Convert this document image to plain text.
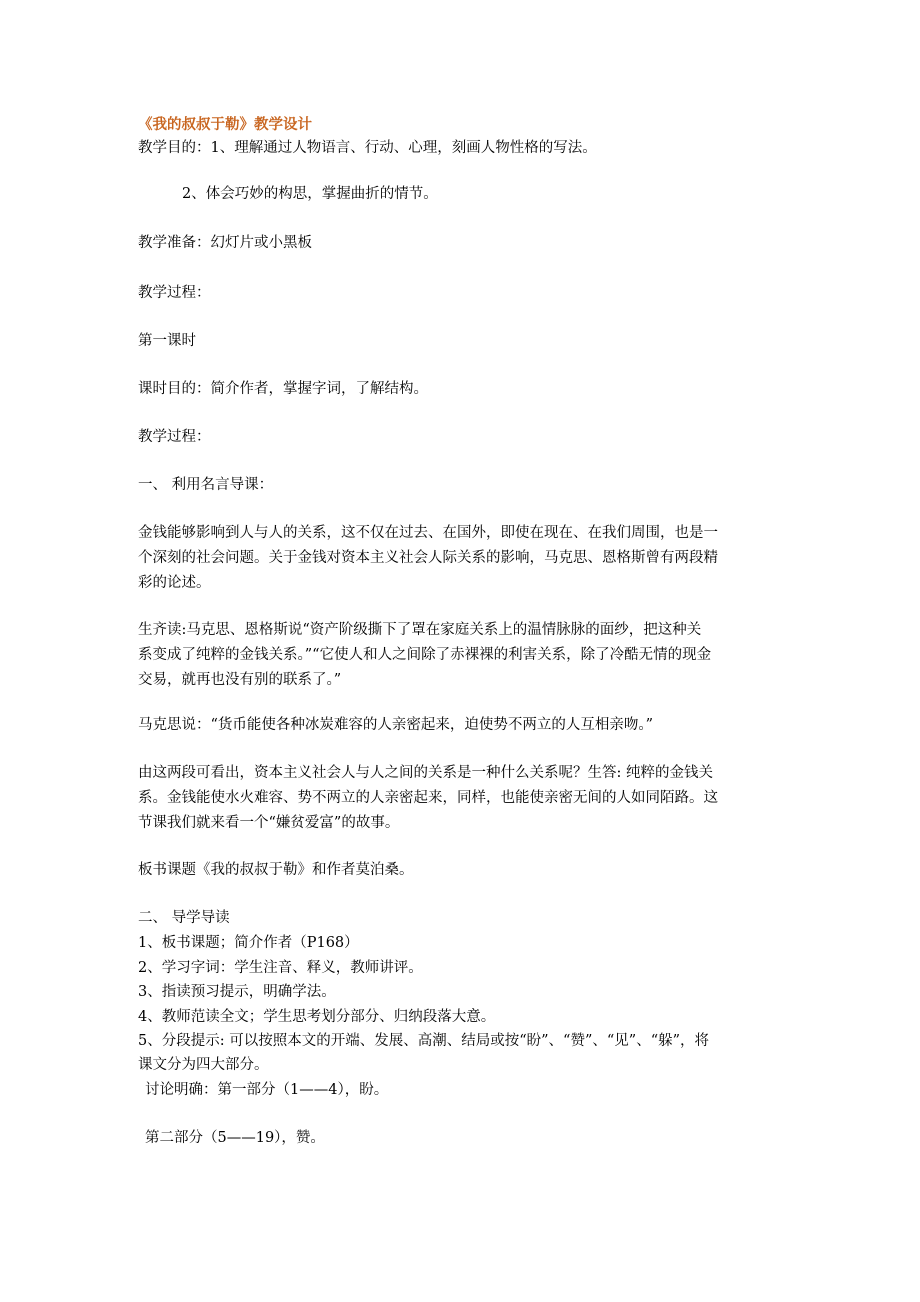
《我的叔叔于勒》教学设计
教学目的：1、理解通过人物语言、行动、心理，刻画人物性格的写法。
2、体会巧妙的构思，掌握曲折的情节。
教学准备：幻灯片或小黑板
教学过程：
第一课时
课时目的：简介作者，掌握字词，了解结构。
教学过程：
一、 利用名言导课：
金钱能够影响到人与人的关系，这不仅在过去、在国外，即使在现在、在我们周围，也是一
个深刻的社会问题。关于金钱对资本主义社会人际关系的影响，马克思、恩格斯曾有两段精
彩的论述。
生齐读:马克思、恩格斯说“资产阶级撕下了罩在家庭关系上的温情脉脉的面纱，把这种关
系变成了纯粹的金钱关系。”“它使人和人之间除了赤裸裸的利害关系，除了冷酷无情的现金
交易，就再也没有别的联系了。”
马克思说：“货币能使各种冰炭难容的人亲密起来，迫使势不两立的人互相亲吻。”
由这两段可看出，资本主义社会人与人之间的关系是一种什么关系呢？生答: 纯粹的金钱关
系。金钱能使水火难容、势不两立的人亲密起来，同样，也能使亲密无间的人如同陌路。这
节课我们就来看一个“嫌贫爱富”的故事。
板书课题《我的叔叔于勒》和作者莫泊桑。
二、 导学导读
1、板书课题；简介作者（P168）
2、学习字词：学生注音、释义，教师讲评。
3、指读预习提示，明确学法。
4、教师范读全文；学生思考划分部分、归纳段落大意。
5、分段提示: 可以按照本文的开端、发展、高潮、结局或按“盼”、“赞”、“见”、“躲”，将
课文分为四大部分。
讨论明确：第一部分（1——4），盼。
第二部分（5——19），赞。
